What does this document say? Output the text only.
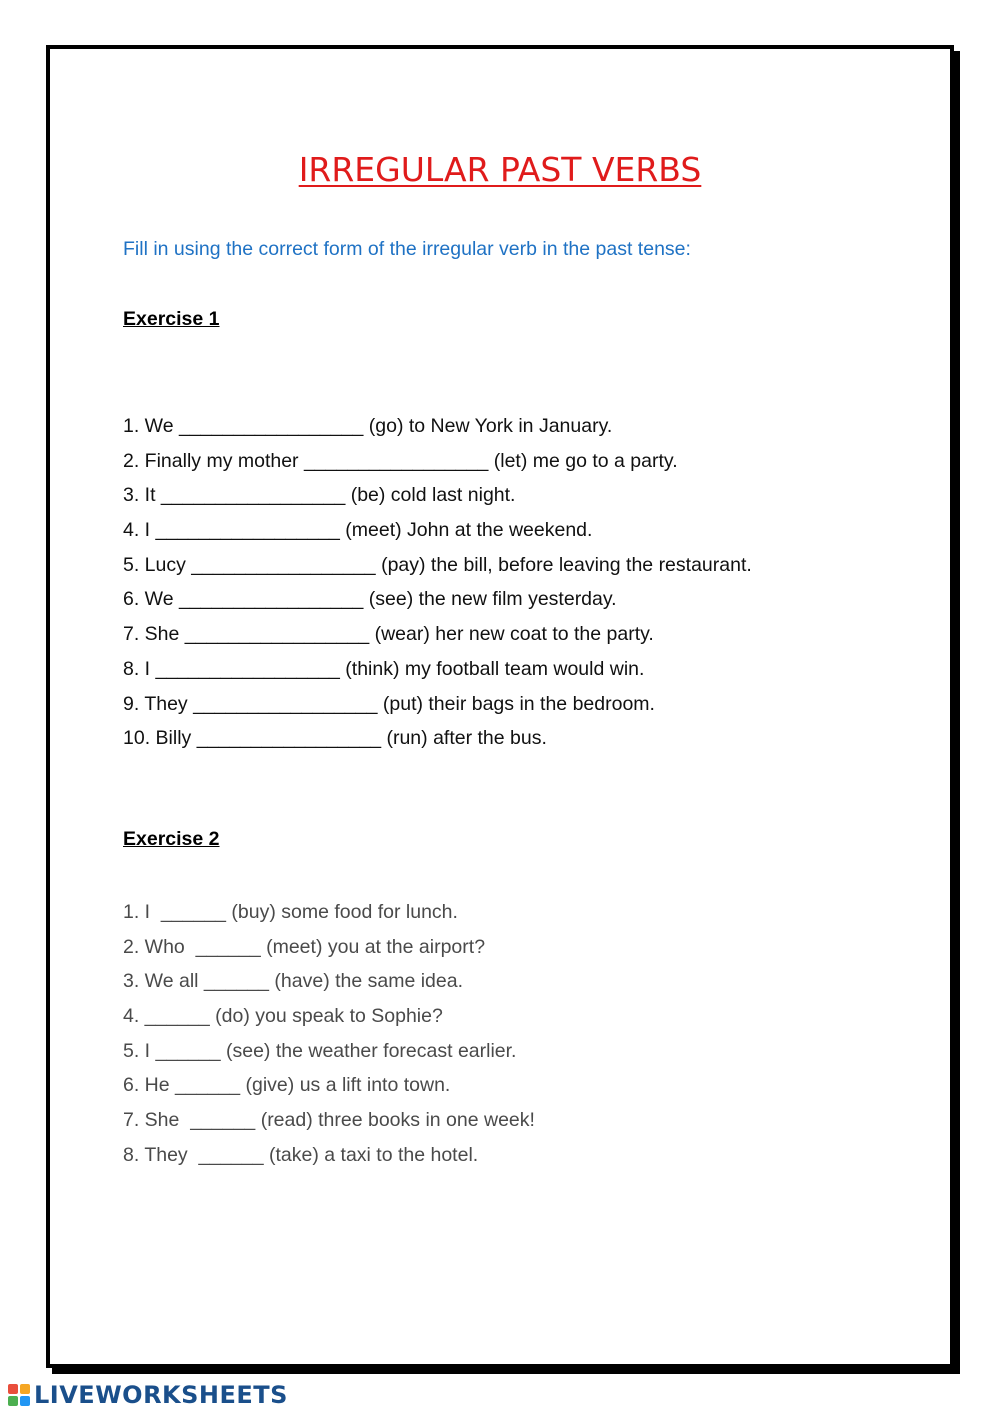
IRREGULAR PAST VERBS

Fill in using the correct form of the irregular verb in the past tense:

Exercise 1
1. We _________________ (go) to New York in January.
2. Finally my mother _________________ (let) me go to a party.
3. It _________________ (be) cold last night.
4. I _________________ (meet) John at the weekend.
5. Lucy _________________ (pay) the bill, before leaving the restaurant.
6. We _________________ (see) the new film yesterday.
7. She _________________ (wear) her new coat to the party.
8. I _________________ (think) my football team would win.
9. They _________________ (put) their bags in the bedroom.
10. Billy _________________ (run) after the bus.
Exercise 2
1. I  ______ (buy) some food for lunch.
2. Who  ______ (meet) you at the airport?
3. We all ______ (have) the same idea.
4. ______ (do) you speak to Sophie?
5. I ______ (see) the weather forecast earlier.
6. He ______ (give) us a lift into town.
7. She  ______ (read) three books in one week!
8. They  ______ (take) a taxi to the hotel.
LIVEWORKSHEETS
